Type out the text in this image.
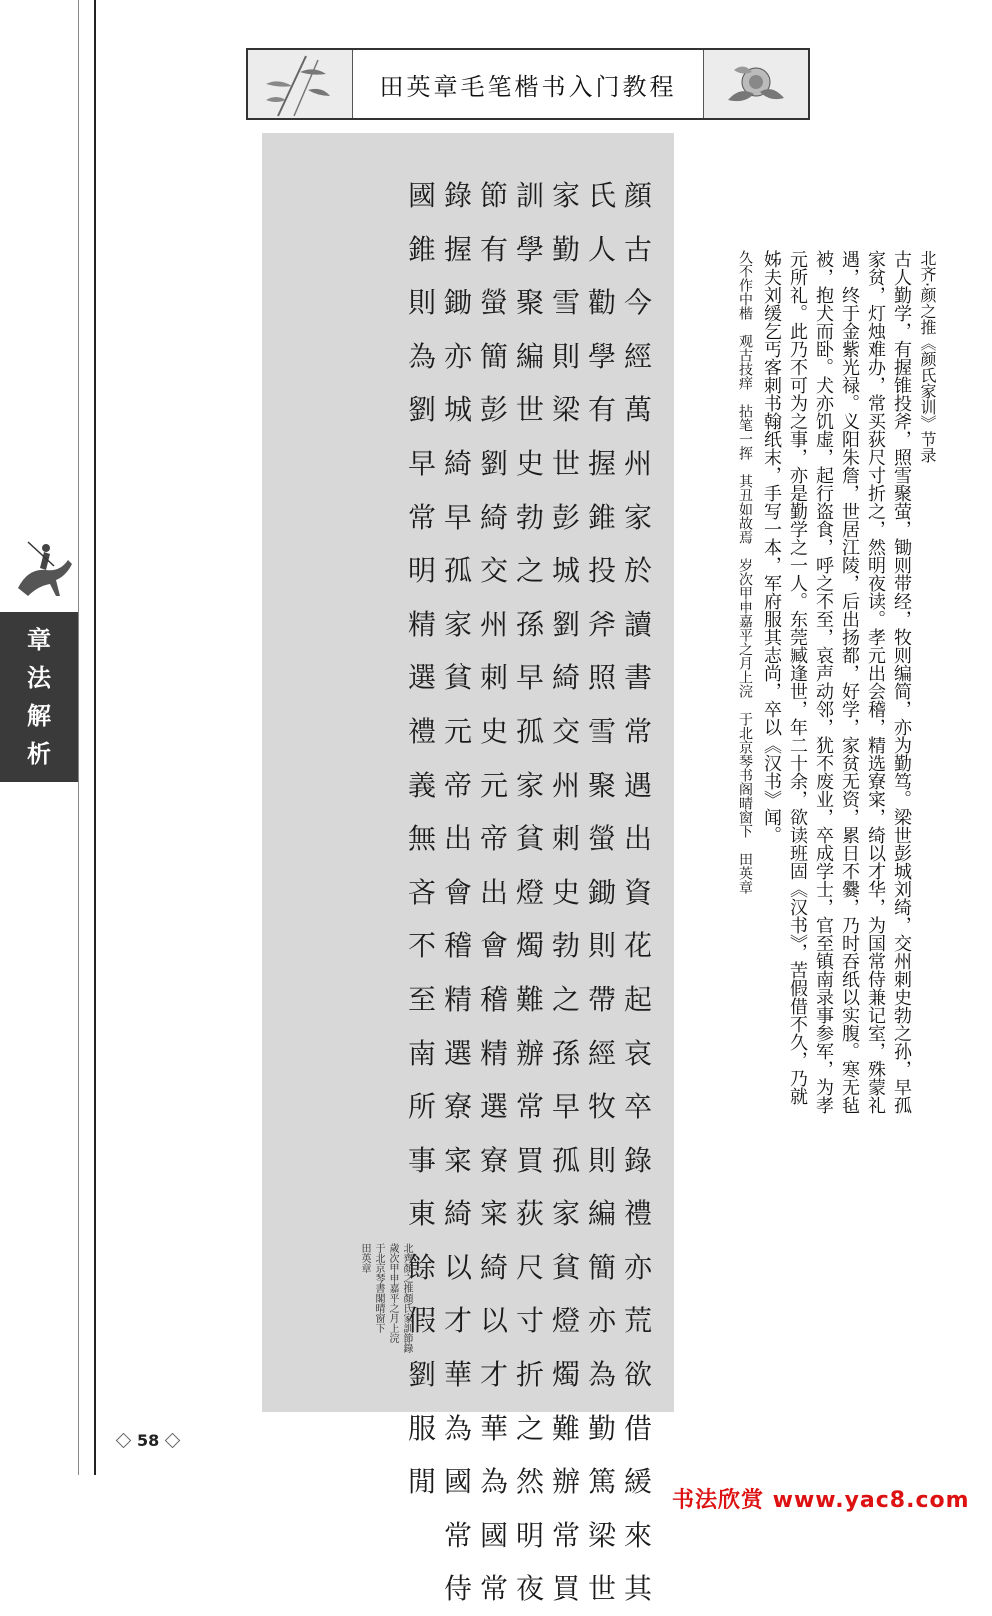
田英章毛笔楷书入门教程
章
法
解
析
顔
古
今
經
萬
州
家
於
讀
書
常
遇
出
資
花
起
哀
卒
錄
禮
亦
荒
欲
借
緩
來
其
氏
人
勸
學
有
握
錐
投
斧
照
雪
聚
螢
鋤
則
帶
經
牧
則
編
簡
亦
為
勤
篤
梁
世
家
勤
雪
則
梁
世
彭
城
劉
綺
交
州
刺
史
勃
之
孫
早
孤
家
貧
燈
燭
難
辦
常
買
訓
學
聚
編
世
史
勃
之
孫
早
孤
家
貧
燈
燭
難
辦
常
買
荻
尺
寸
折
之
然
明
夜
節
有
螢
簡
彭
劉
綺
交
州
刺
史
元
帝
出
會
稽
精
選
寮
寀
綺
以
才
華
為
國
常
錄
握
鋤
亦
城
綺
早
孤
家
貧
元
帝
出
會
稽
精
選
寮
寀
綺
以
才
華
為
國
常
侍
國
錐
則
為
劉
早
常
明
精
選
禮
義
無
吝
不
至
南
所
事
東
餘
假
劉
服
閒
北齊顏之推顏氏家訓節錄
歲次甲申嘉平之月上浣
于北京琴書閣晴窗下
田英章
北齐·颜之推《颜氏家训》节录
古人勤学，有握锥投斧，照雪聚萤，锄则带经，牧则编简，亦为勤笃。梁世彭城刘绮，交州刺史勃之孙，早孤
家贫，灯烛难办，常买荻尺寸折之，然明夜读。孝元出会稽，精选寮寀，绮以才华，为国常侍兼记室，殊蒙礼
遇，终于金紫光禄。义阳朱詹，世居江陵，后出扬都，好学，家贫无资，累日不爨，乃时吞纸以实腹。寒无毡
被，抱犬而卧。犬亦饥虚，起行盗食，呼之不至，哀声动邻，犹不废业，卒成学士，官至镇南录事参军，为孝
元所礼。此乃不可为之事，亦是勤学之一人。东莞臧逢世，年二十余，欲读班固《汉书》，苦假借不久，乃就
姊夫刘缓乞丐客刺书翰纸末，手写一本，军府服其志尚，卒以《汉书》闻。
久不作中楷　观古技痒　拈笔一挥　其丑如故焉　岁次甲申嘉平之月上浣　于北京琴书阁晴窗下　田英章
58
书法欣赏 www.yac8.com
